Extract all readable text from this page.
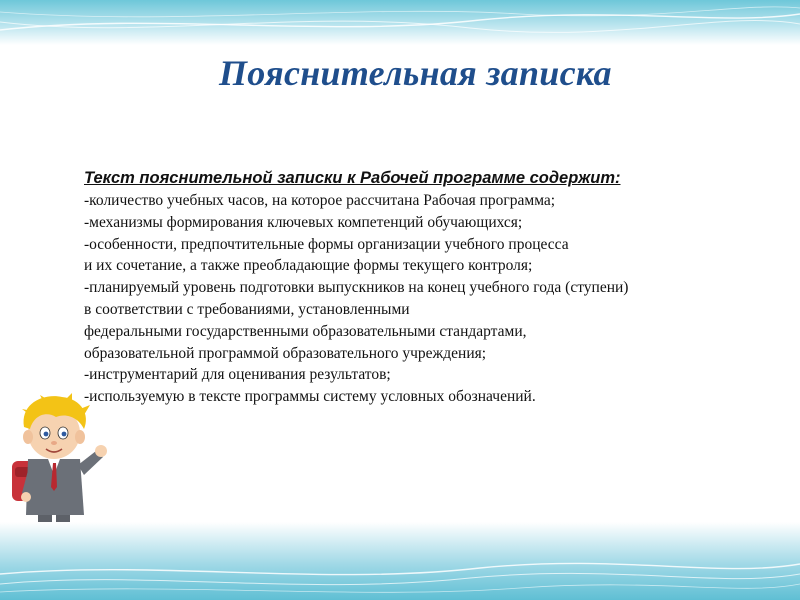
Пояснительная записка
Текст пояснительной записки к Рабочей программе содержит:
-количество учебных часов, на которое рассчитана Рабочая программа;
-механизмы формирования ключевых компетенций обучающихся;
-особенности, предпочтительные формы организации учебного процесса
и их сочетание, а также преобладающие формы текущего контроля;
-планируемый уровень подготовки выпускников на конец учебного года (ступени)
в соответствии с требованиями, установленными
федеральными государственными образовательными стандартами,
образовательной программой образовательного учреждения;
-инструментарий для оценивания результатов;
-используемую в тексте программы систему условных обозначений.
